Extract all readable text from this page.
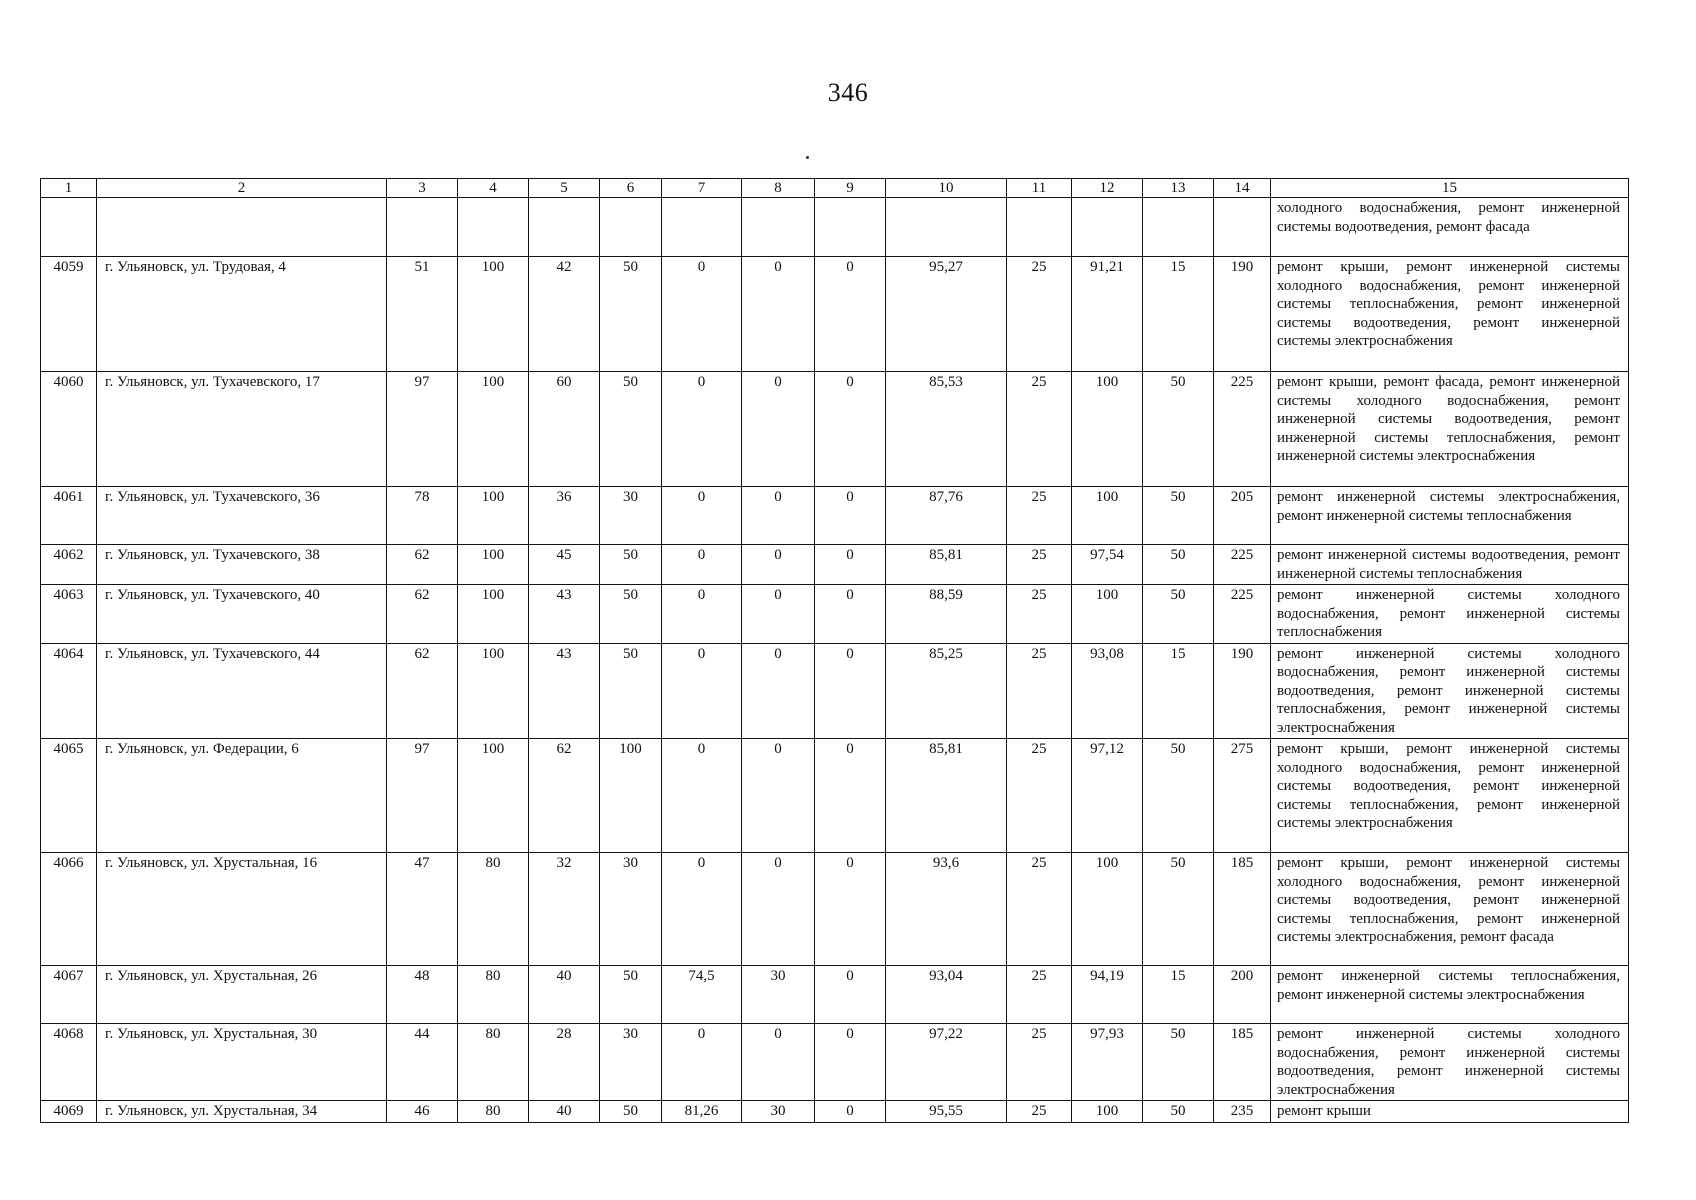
346
1	2	3	4	5	6	7	8	9	10	11	12	13	14	15
														холодного водоснабжения, ремонт инженерной системы водоотведения, ремонт фасада
4059	г. Ульяновск, ул. Трудовая, 4	51	100	42	50	0	0	0	95,27	25	91,21	15	190	ремонт крыши, ремонт инженерной системы холодного водоснабжения, ремонт инженерной системы теплоснабжения, ремонт инженерной системы водоотведения, ремонт инженерной системы электроснабжения
4060	г. Ульяновск, ул. Тухачевского, 17	97	100	60	50	0	0	0	85,53	25	100	50	225	ремонт крыши, ремонт фасада, ремонт инженерной системы холодного водоснабжения, ремонт инженерной системы водоотведения, ремонт инженерной системы теплоснабжения, ремонт инженерной системы электроснабжения
4061	г. Ульяновск, ул. Тухачевского, 36	78	100	36	30	0	0	0	87,76	25	100	50	205	ремонт инженерной системы электроснабжения, ремонт инженерной системы теплоснабжения
4062	г. Ульяновск, ул. Тухачевского, 38	62	100	45	50	0	0	0	85,81	25	97,54	50	225	ремонт инженерной системы водоотведения, ремонт инженерной системы теплоснабжения
4063	г. Ульяновск, ул. Тухачевского, 40	62	100	43	50	0	0	0	88,59	25	100	50	225	ремонт инженерной системы холодного водоснабжения, ремонт инженерной системы теплоснабжения
4064	г. Ульяновск, ул. Тухачевского, 44	62	100	43	50	0	0	0	85,25	25	93,08	15	190	ремонт инженерной системы холодного водоснабжения, ремонт инженерной системы водоотведения, ремонт инженерной системы теплоснабжения, ремонт инженерной системы электроснабжения
4065	г. Ульяновск, ул. Федерации, 6	97	100	62	100	0	0	0	85,81	25	97,12	50	275	ремонт крыши, ремонт инженерной системы холодного водоснабжения, ремонт инженерной системы водоотведения, ремонт инженерной системы теплоснабжения, ремонт инженерной системы электроснабжения
4066	г. Ульяновск, ул. Хрустальная, 16	47	80	32	30	0	0	0	93,6	25	100	50	185	ремонт крыши, ремонт инженерной системы холодного водоснабжения, ремонт инженерной системы водоотведения, ремонт инженерной системы теплоснабжения, ремонт инженерной системы электроснабжения, ремонт фасада
4067	г. Ульяновск, ул. Хрустальная, 26	48	80	40	50	74,5	30	0	93,04	25	94,19	15	200	ремонт инженерной системы теплоснабжения, ремонт инженерной системы электроснабжения
4068	г. Ульяновск, ул. Хрустальная, 30	44	80	28	30	0	0	0	97,22	25	97,93	50	185	ремонт инженерной системы холодного водоснабжения, ремонт инженерной системы водоотведения, ремонт инженерной системы электроснабжения
4069	г. Ульяновск, ул. Хрустальная, 34	46	80	40	50	81,26	30	0	95,55	25	100	50	235	ремонт крыши
